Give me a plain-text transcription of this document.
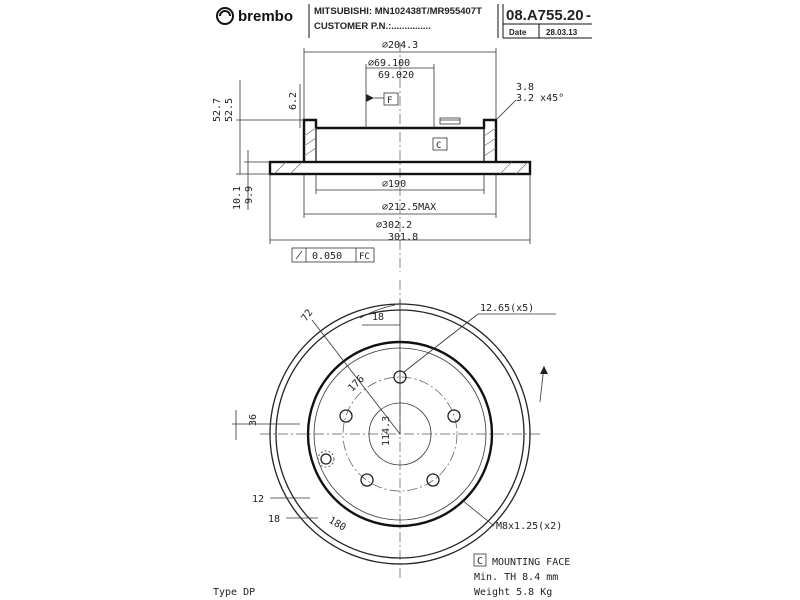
brembo MITSUBISHI: MN102438T/MR955407T
CUSTOMER P.N.:...............
08.A755.20 -
Date 28.03.13
∅204.3
∅69.100
69.020
3.8
3.2 x45°
F
C
52.7 52.5	6.2
10.1 9.9
∅190
∅212.5MAX
∅302.2
301.8
0.050 FC
72	18
12.65(x5)
176
114.3
36
12
18	180	M8x1.25(x2)
C MOUNTING FACE
Min. TH 8.4 mm
Weight 5.8 Kg
Type DP
